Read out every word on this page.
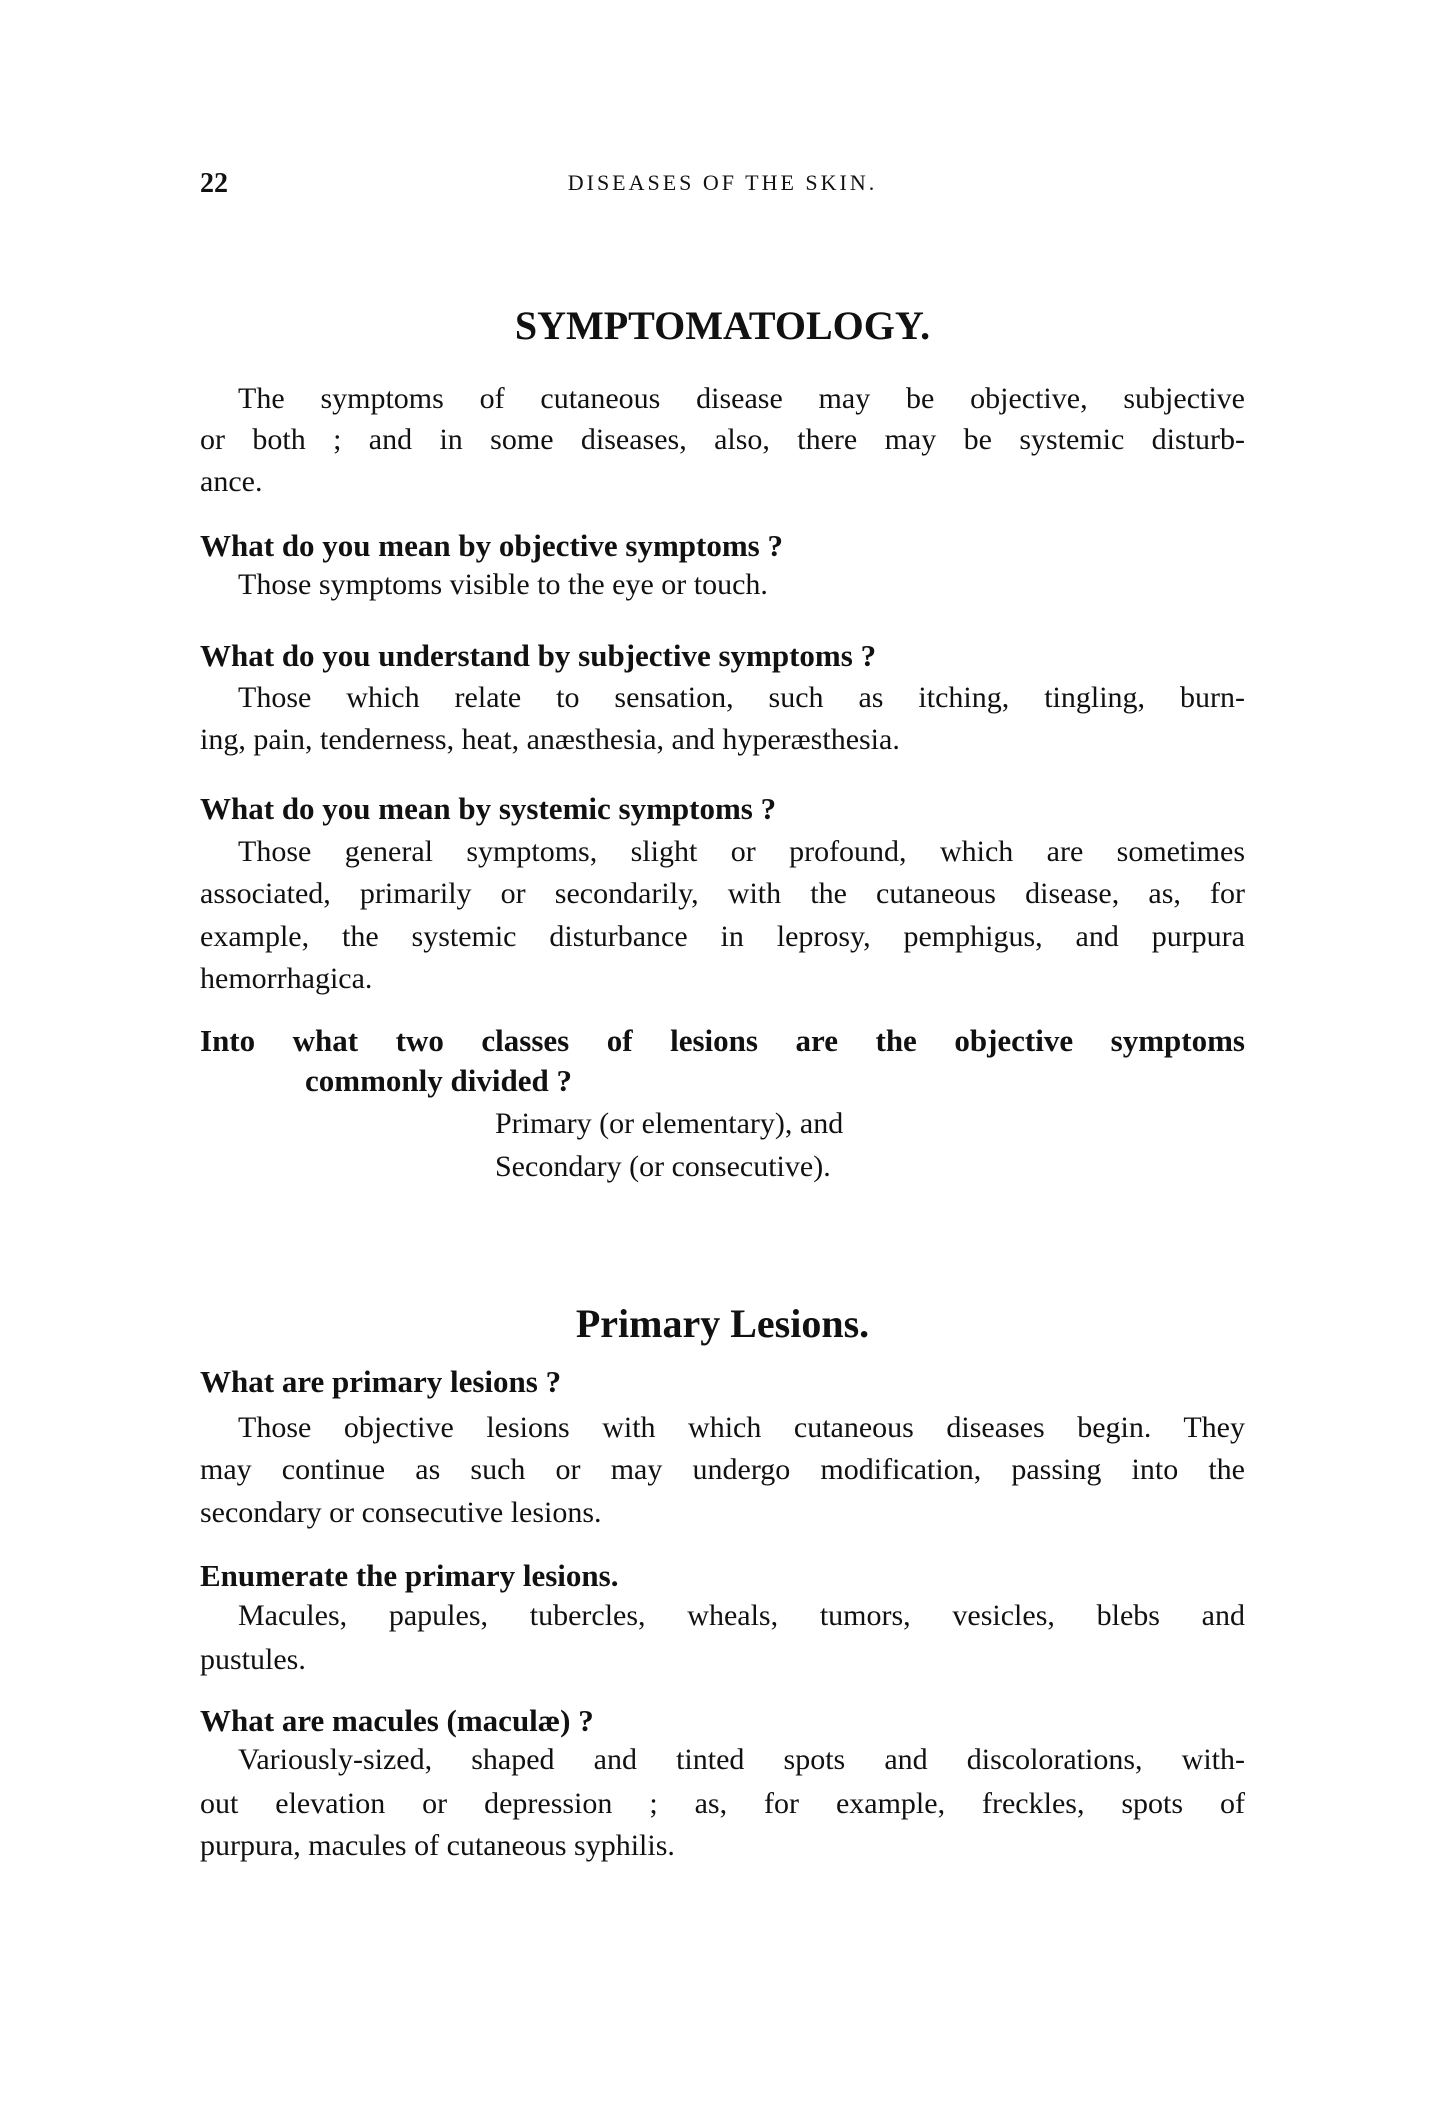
22	DISEASES OF THE SKIN.
SYMPTOMATOLOGY.
The symptoms of cutaneous disease may be objective, subjective
or both ; and in some diseases, also, there may be systemic disturb-
ance.
What do you mean by objective symptoms ?
Those symptoms visible to the eye or touch.
What do you understand by subjective symptoms ?
Those which relate to sensation, such as itching, tingling, burn-
ing, pain, tenderness, heat, anæsthesia, and hyperæsthesia.
What do you mean by systemic symptoms ?
Those general symptoms, slight or profound, which are sometimes
associated, primarily or secondarily, with the cutaneous disease, as, for
example, the systemic disturbance in leprosy, pemphigus, and purpura
hemorrhagica.
Into what two classes of lesions are the objective symptoms
commonly divided ?
Primary (or elementary), and
Secondary (or consecutive).
Primary Lesions.
What are primary lesions ?
Those objective lesions with which cutaneous diseases begin. They
may continue as such or may undergo modification, passing into the
secondary or consecutive lesions.
Enumerate the primary lesions.
Macules, papules, tubercles, wheals, tumors, vesicles, blebs and
pustules.
What are macules (maculæ) ?
Variously-sized, shaped and tinted spots and discolorations, with-
out elevation or depression ; as, for example, freckles, spots of
purpura, macules of cutaneous syphilis.
